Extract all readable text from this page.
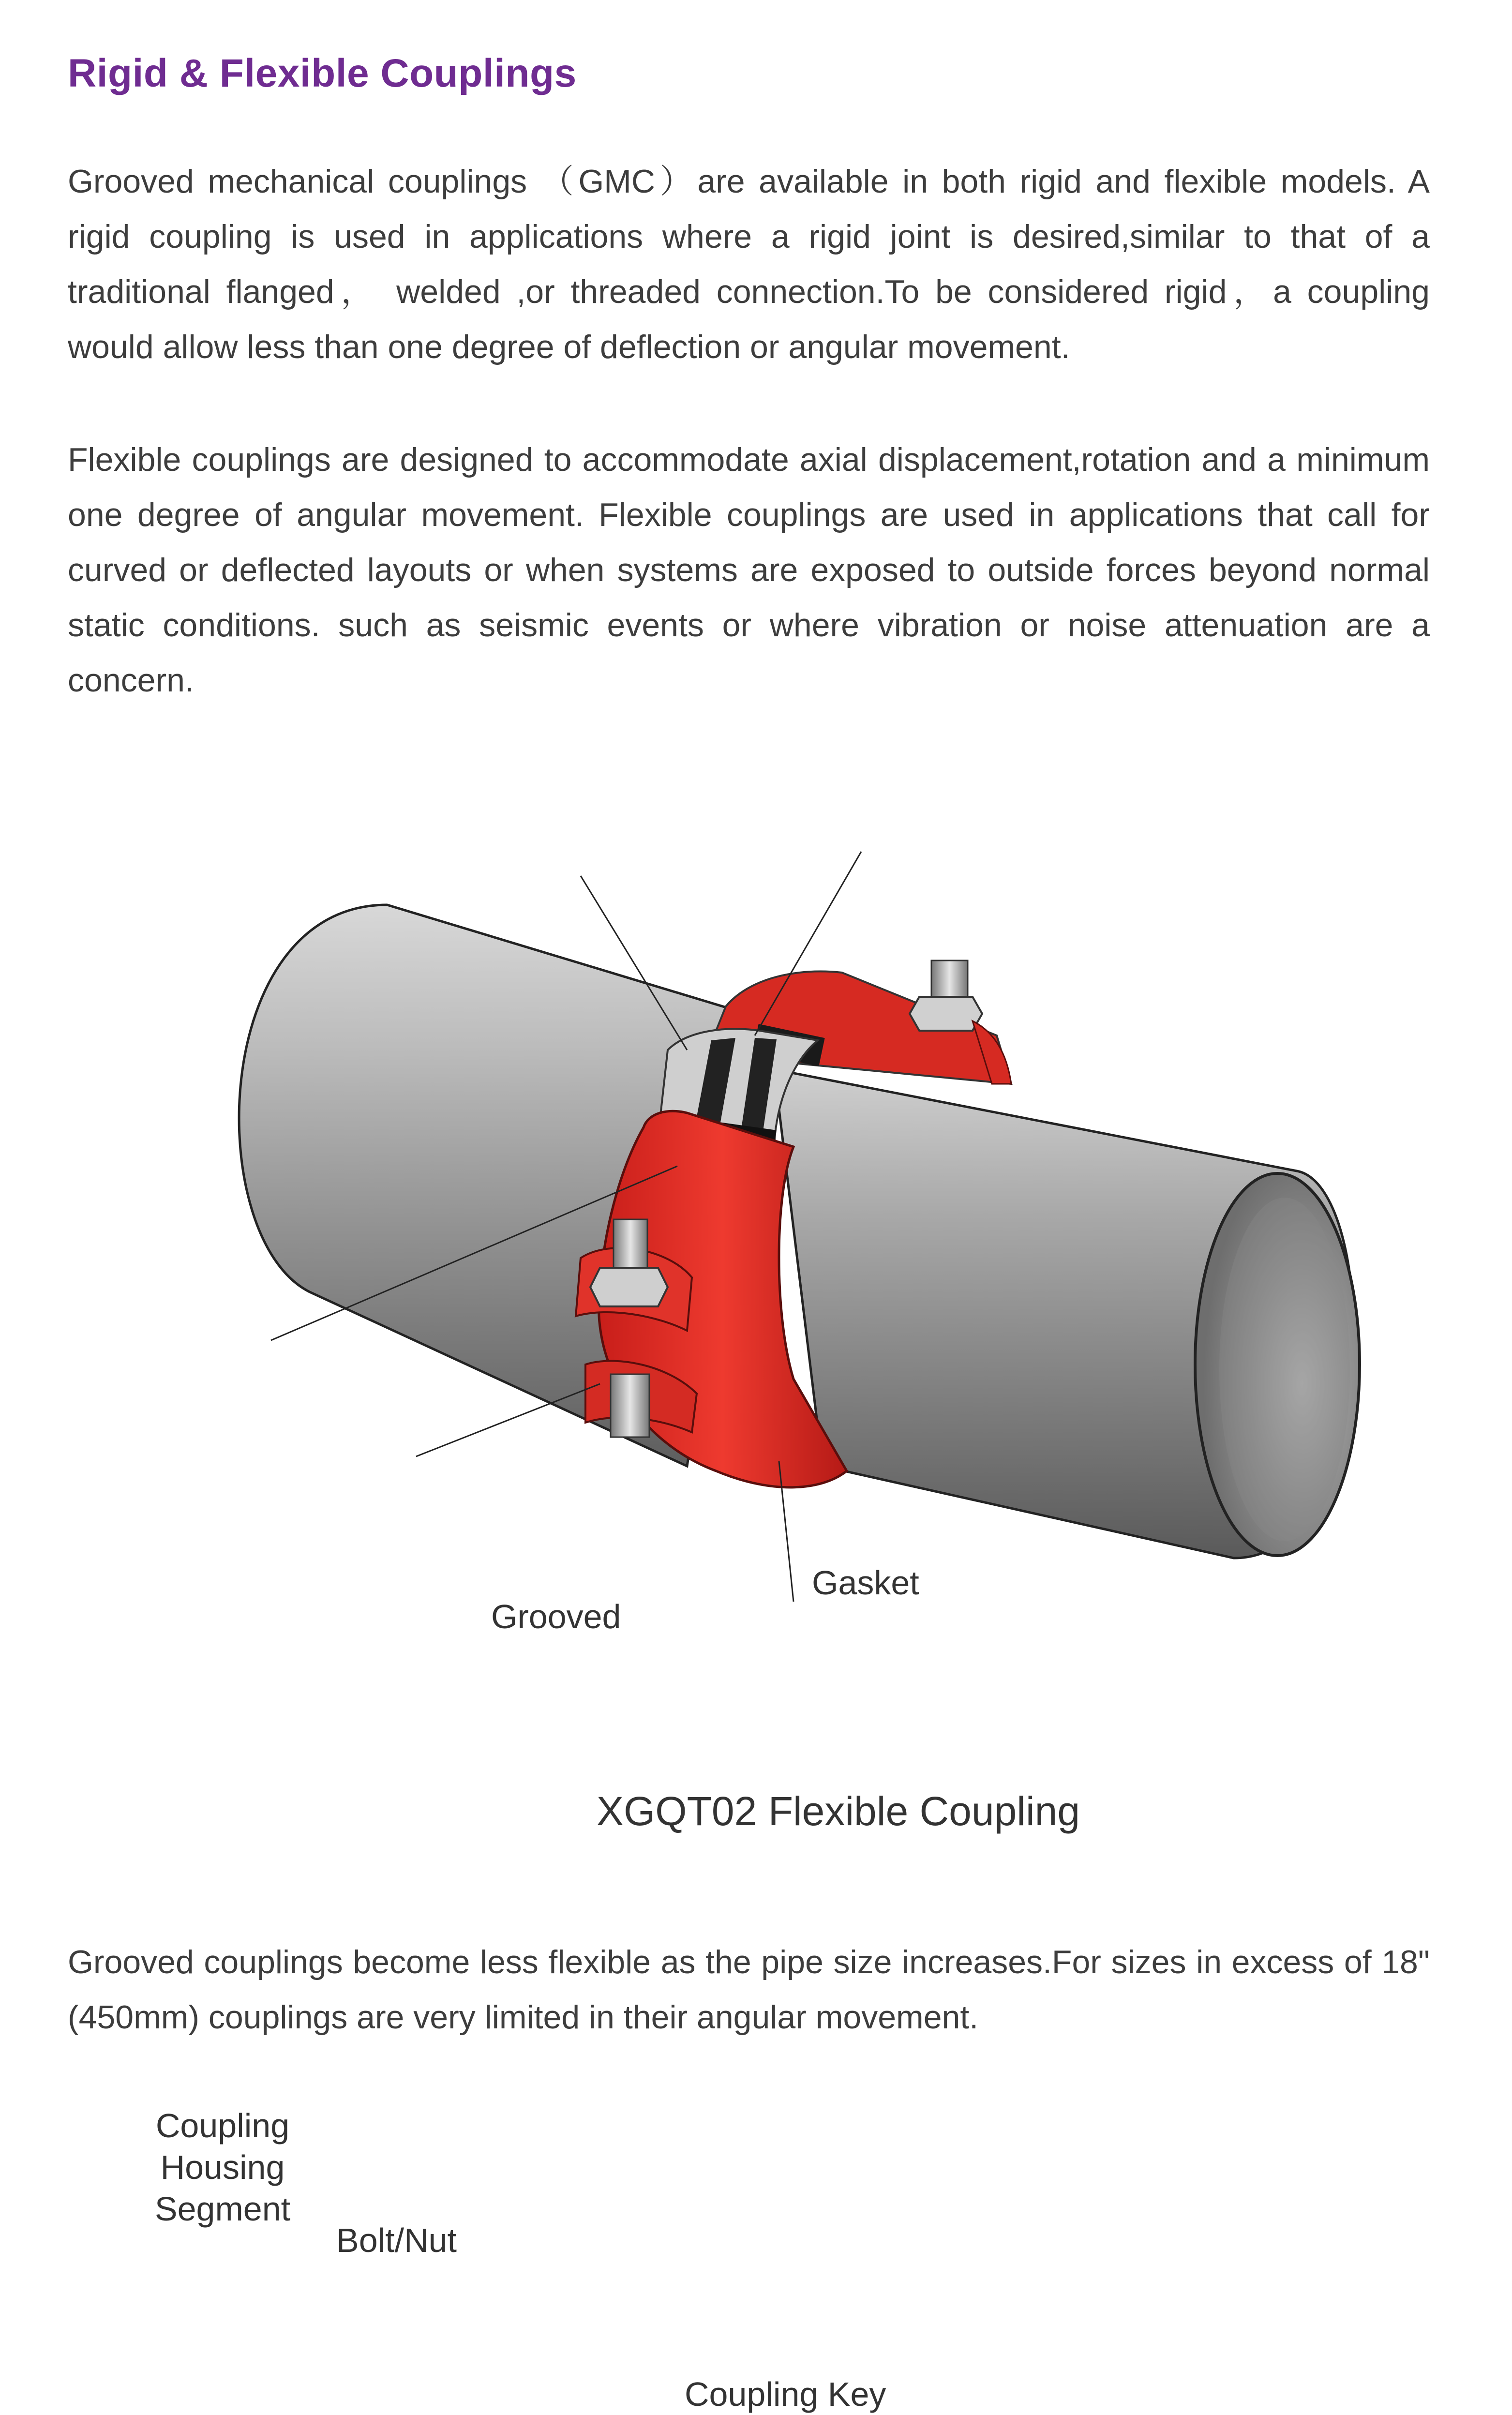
Rigid & Flexible Couplings

Grooved mechanical couplings （GMC）are available in both rigid and flexible models. A rigid coupling is used in applications where a rigid joint is desired,similar to that of a traditional flanged， welded ,or threaded connection.To be considered rigid，a coupling would allow less than one degree of deflection or angular movement.

Flexible couplings are designed to accommodate axial displacement,rotation and a minimum one degree of angular movement. Flexible couplings are used in applications that call for curved or deflected layouts or when systems are exposed to outside forces beyond normal static conditions. such as seismic events or where vibration or noise attenuation are a concern.

Grooved
Gasket
Coupling
Housing
Segment
Bolt/Nut
Coupling Key

XGQT02 Flexible Coupling

Grooved couplings become less flexible as the pipe size increases.For sizes in excess of 18"(450mm) couplings are very limited in their angular movement.
